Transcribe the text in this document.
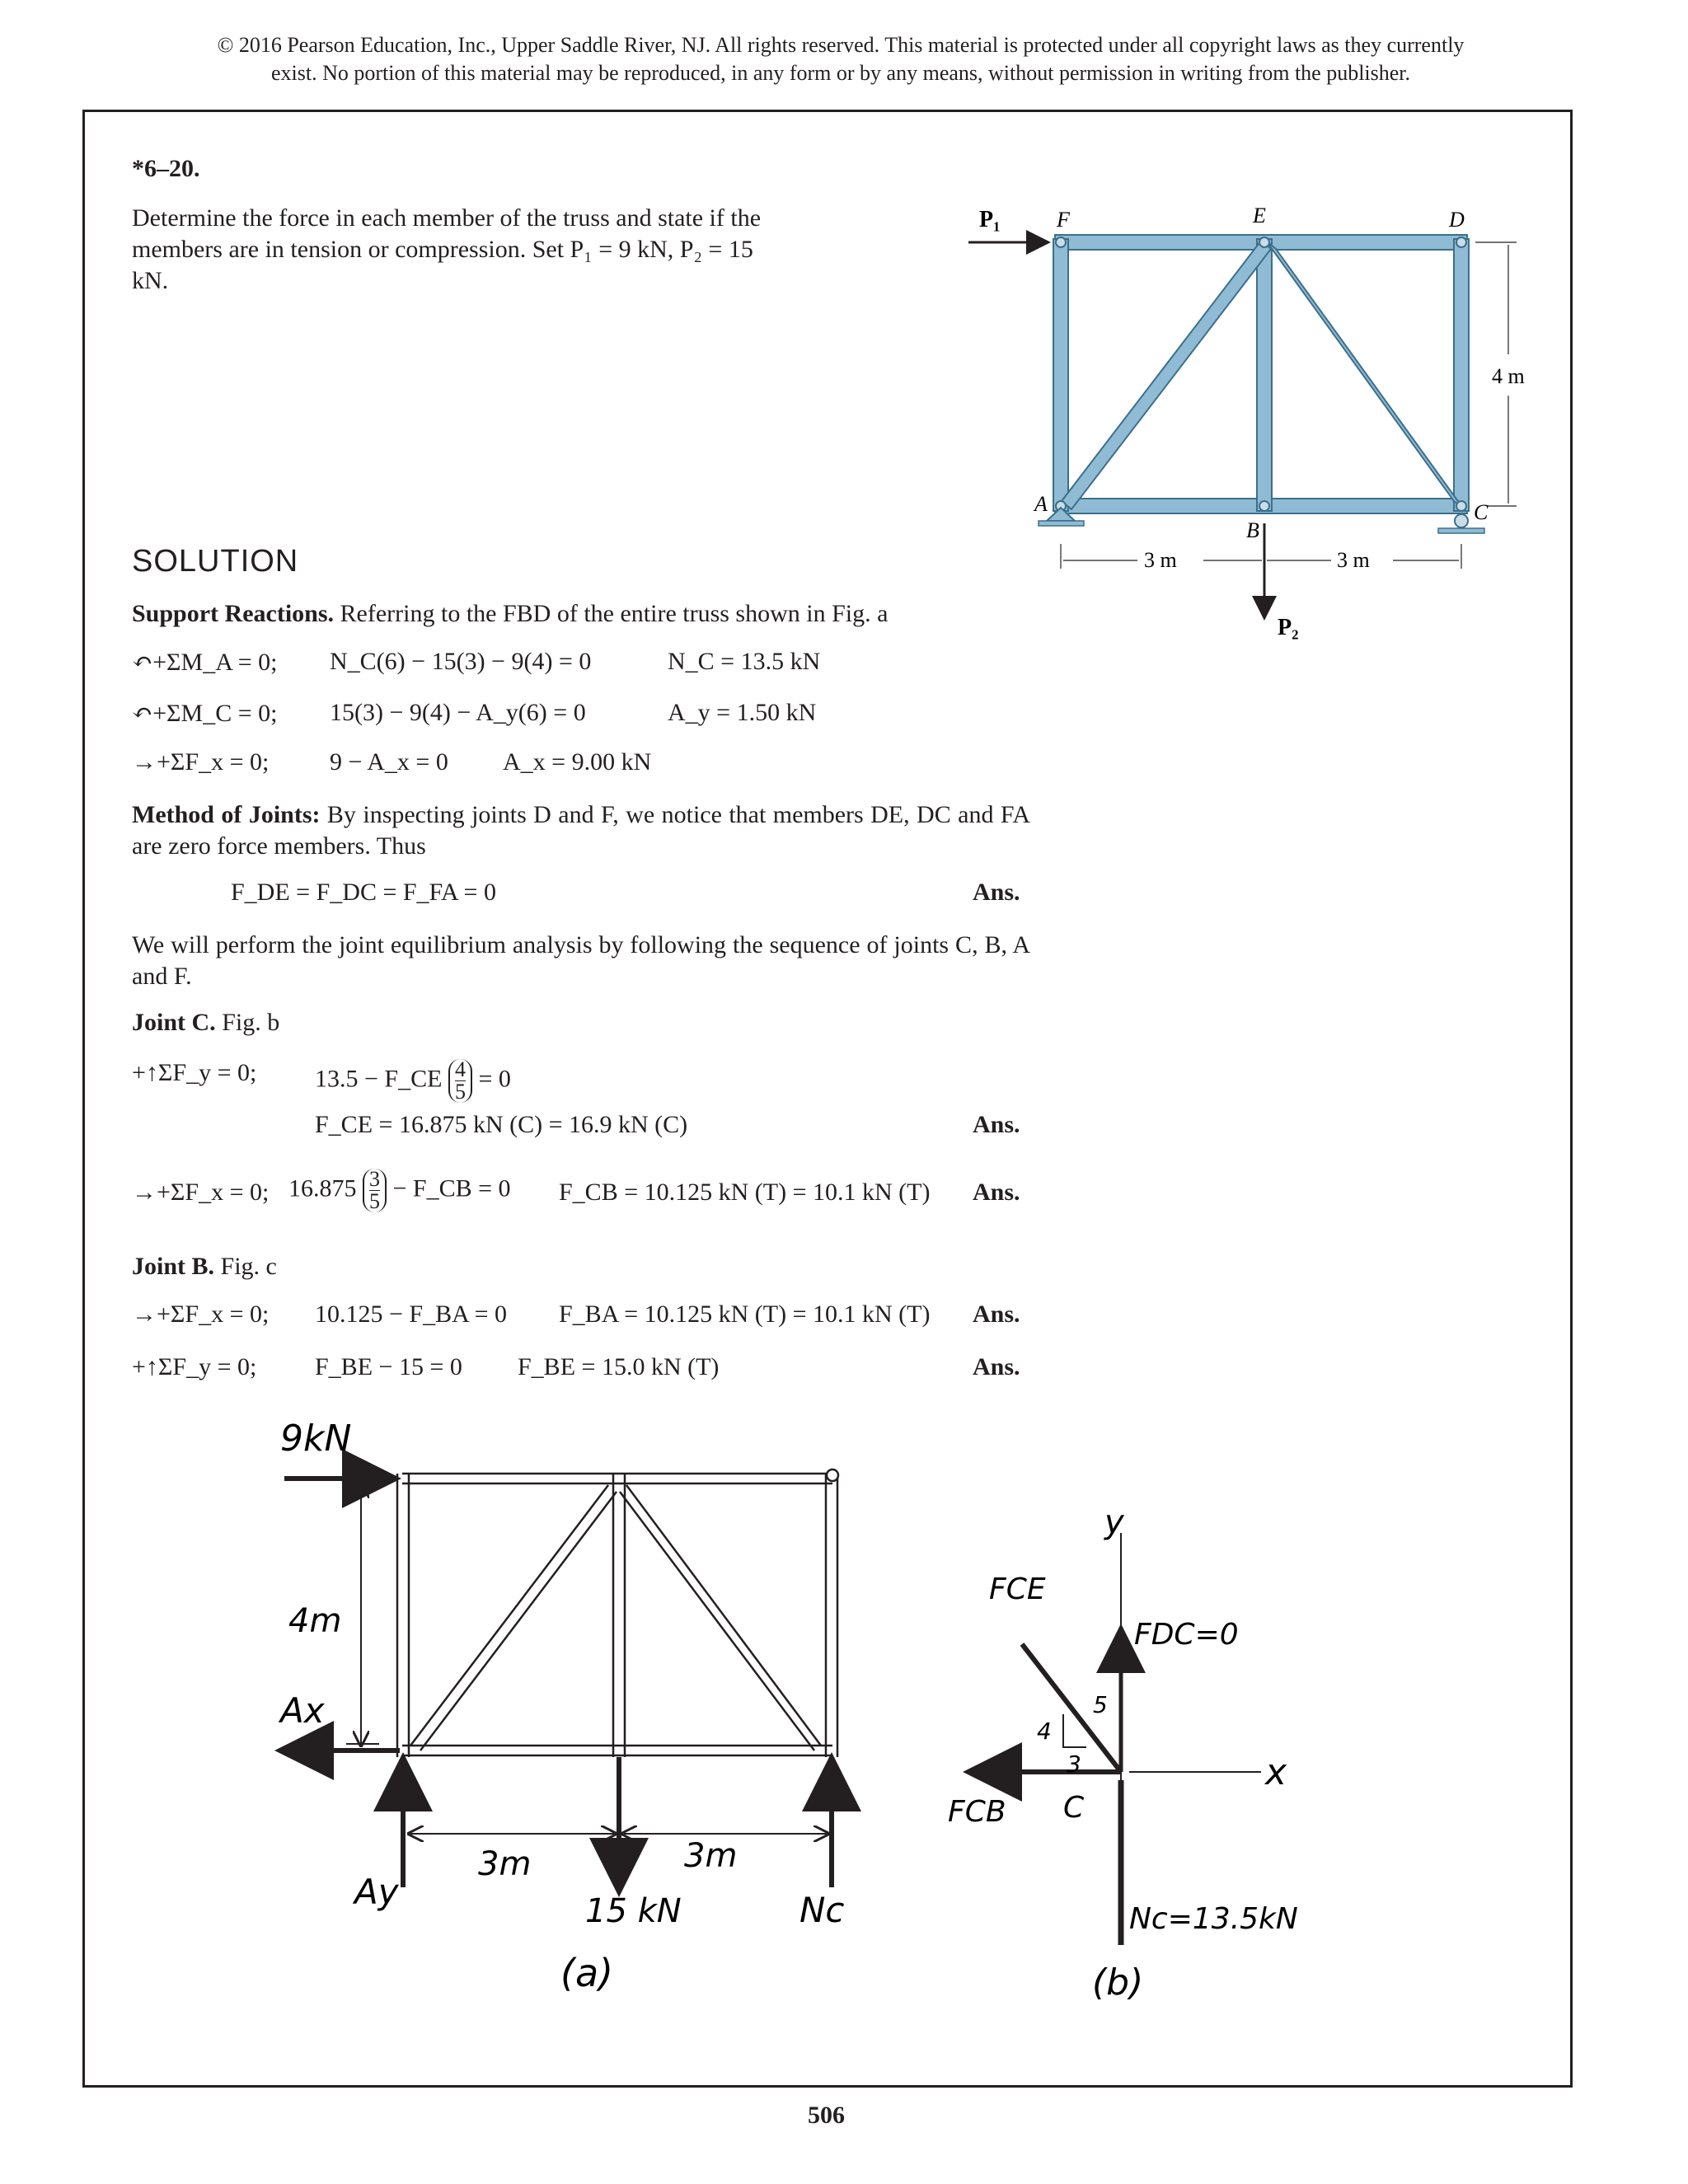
© 2016 Pearson Education, Inc., Upper Saddle River, NJ. All rights reserved. This material is protected under all copyright laws as they currently
exist. No portion of this material may be reproduced, in any form or by any means, without permission in writing from the publisher.
*6–20.
Determine the force in each member of the truss and state if the members are in tension or compression. Set P₁ = 9 kN, P₂ = 15 kN.
P₁
P₂
F	E	D
A
B
C
4 m
3 m	3 m
SOLUTION
Support Reactions. Referring to the FBD of the entire truss shown in Fig. a
↶+ΣM_A = 0; N_C(6) − 15(3) − 9(4) = 0	N_C = 13.5 kN
↶+ΣM_C = 0; 15(3) − 9(4) − A_y(6) = 0	A_y = 1.50 kN
→+ΣF_x = 0; 9 − A_x = 0 A_x = 9.00 kN
Method of Joints: By inspecting joints D and F, we notice that members DE, DC and FA are zero force members. Thus
F_DE = F_DC = F_FA = 0	Ans.
We will perform the joint equilibrium analysis by following the sequence of joints C, B, A and F.
Joint C. Fig. b
+↑ΣF_y = 0; 13.5 − F_CE $\frac{4}{5} = 0$
F_CE = 16.875 kN (C) = 16.9 kN (C)	Ans.
→+ΣF_x = 0; $16.875 \frac{3}{5}$ − F_CB = 0 F_CB = 10.125 kN (T) = 10.1 kN (T) Ans.
Joint B. Fig. c
→+ΣF_x = 0; 10.125 − F_BA = 0 F_BA = 10.125 kN (T) = 10.1 kN (T) Ans.
+↑ΣF_y = 0; F_BE − 15 = 0 F_BE = 15.0 kN (T)	Ans.
9kN
4m
Ax
Ay
3m	3m
15 kN	Nc
(a)
y
FCE
FDC=0
4
5
3	x
C
FCB
Nc=13.5kN
(b)
506
